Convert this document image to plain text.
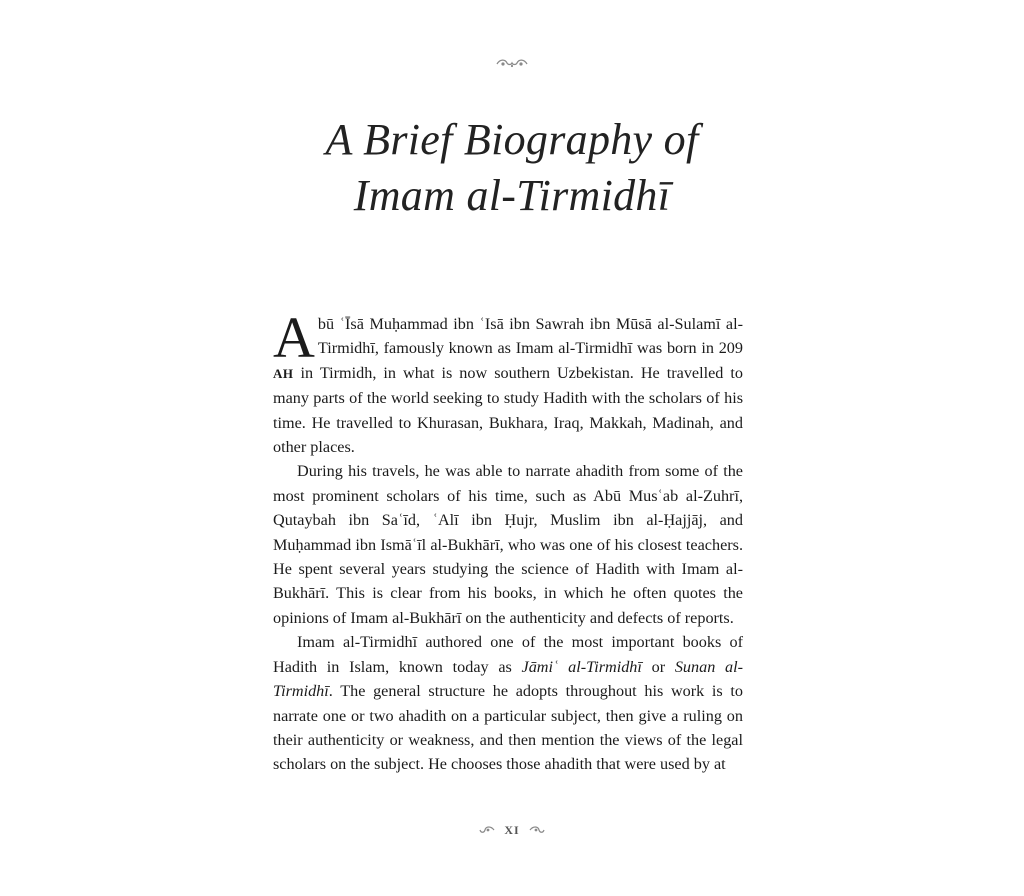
A Brief Biography of
Imam al-Tirmidhī

Abū ʿĪsā Muḥammad ibn ʿIsā ibn Sawrah ibn Mūsā al-Sulamī al-Tirmidhī, famously known as Imam al-Tirmidhī was born in 209 AH in Tirmidh, in what is now southern Uzbekistan. He travelled to many parts of the world seeking to study Hadith with the scholars of his time. He travelled to Khurasan, Bukhara, Iraq, Makkah, Madinah, and other places.

During his travels, he was able to narrate ahadith from some of the most prominent scholars of his time, such as Abū Musʿab al-Zuhrī, Qutaybah ibn Saʿīd, ʿAlī ibn Ḥujr, Muslim ibn al-Ḥajjāj, and Muḥammad ibn Ismāʿīl al-Bukhārī, who was one of his closest teachers. He spent several years studying the science of Hadith with Imam al-Bukhārī. This is clear from his books, in which he often quotes the opinions of Imam al-Bukhārī on the authenticity and defects of reports.

Imam al-Tirmidhī authored one of the most important books of Hadith in Islam, known today as Jāmiʿ al-Tirmidhī or Sunan al-Tirmidhī. The general structure he adopts throughout his work is to narrate one or two ahadith on a particular subject, then give a ruling on their authenticity or weakness, and then mention the views of the legal scholars on the subject. He chooses those ahadith that were used by at

XI
